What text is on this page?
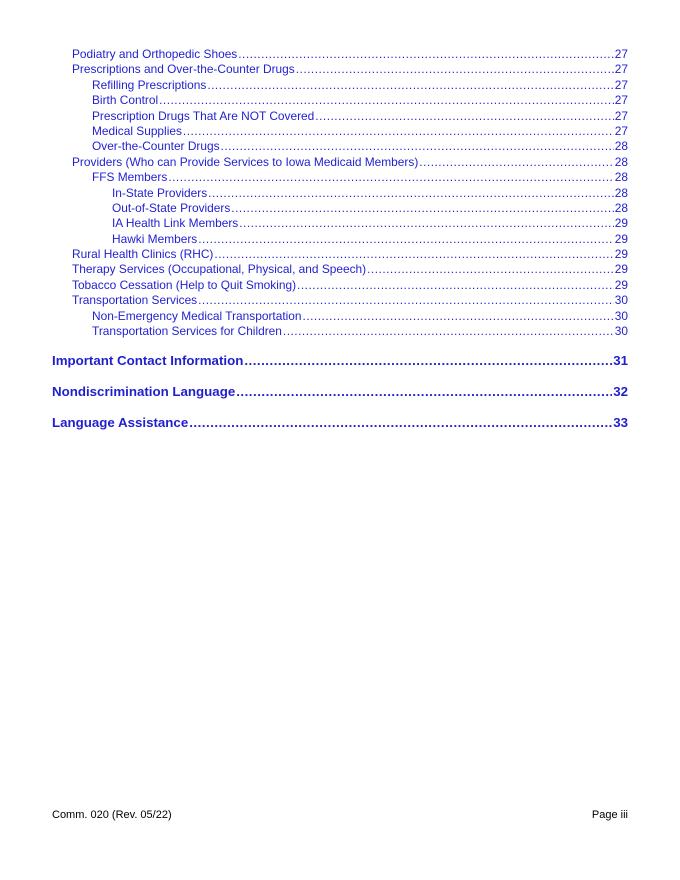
Podiatry and Orthopedic Shoes .....	27
Prescriptions and Over-the-Counter Drugs .....	27
Refilling Prescriptions .....	27
Birth Control .....	27
Prescription Drugs That Are NOT Covered .....	27
Medical Supplies .....	27
Over-the-Counter Drugs .....	28
Providers (Who can Provide Services to Iowa Medicaid Members) .....	28
FFS Members .....	28
In-State Providers .....	28
Out-of-State Providers .....	28
IA Health Link Members .....	29
Hawki Members .....	29
Rural Health Clinics (RHC) .....	29
Therapy Services (Occupational, Physical, and Speech) .....	29
Tobacco Cessation (Help to Quit Smoking) .....	29
Transportation Services .....	30
Non-Emergency Medical Transportation .....	30
Transportation Services for Children .....	30
Important Contact Information .....	31
Nondiscrimination Language .....	32
Language Assistance .....	33
Comm. 020 (Rev. 05/22)	Page iii
